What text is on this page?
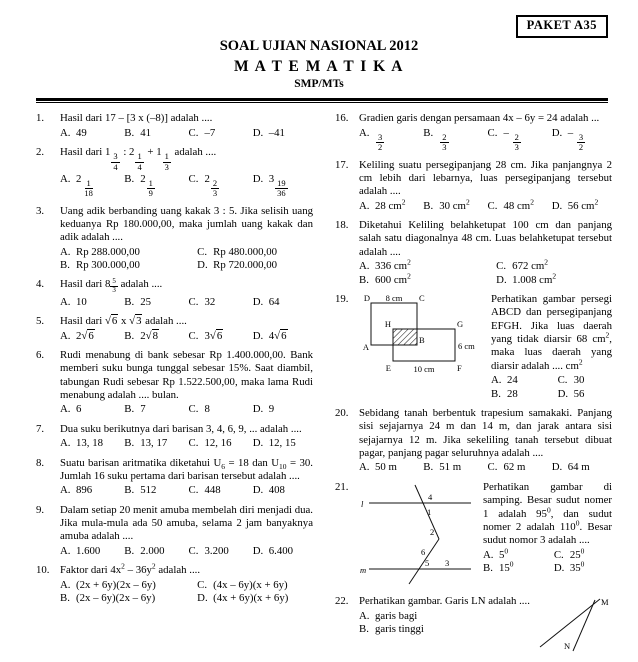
PAKET A35
SOAL UJIAN NASIONAL 2012
M A T E M A T I K A
SMP/MTs
1.	Hasil dari 17 – [3 x (–8)] adalah ....
A. 49	B. 41	C. –7	D. –41
2.	Hasil dari $1 \frac{3}{4}$ : $2 \frac{1}{4} + 1 \frac{1}{3}$ adalah ....
A. $2 \frac{1}{18}$	B. $2 \frac{1}{9}$	C. $2 \frac{2}{3}$	D. $3 \frac{19}{36}$
3.	Uang adik berbanding uang kakak 3 : 5. Jika selisih uang keduanya Rp 180.000,00, maka jumlah uang kakak dan adik adalah ....
A. Rp 288.000,00	C. Rp 480.000,00
B. Rp 300.000,00	D. Rp 720.000,00
4.	Hasil dari 8 $^{\frac{5}{3}}$ adalah ....
A. 10	B. 25	C. 32	D. 64
5.	Hasil dari √6 x √3 adalah ....
A. 2√6	B. 2√8	C. 3√6	D. 4√6
6.	Rudi menabung di bank sebesar Rp 1.400.000,00. Bank memberi suku bunga tunggal sebesar 15%. Saat diambil, tabungan Rudi sebesar Rp 1.522.500,00, maka lama Rudi menabung adalah .... bulan.
A. 6	B. 7	C. 8	D. 9
7.	Dua suku berikutnya dari barisan 3, 4, 6, 9, ... adalah ....
A. 13, 18	B. 13, 17	C. 12, 16	D. 12, 15
8.	Suatu barisan aritmatika diketahui $U_6 = 18$ dan $U_{10} = 30$. Jumlah 16 suku pertama dari barisan tersebut adalah ....
A. 896	B. 512	C. 448	D. 408
9.	Dalam setiap 20 menit amuba membelah diri menjadi dua. Jika mula-mula ada 50 amuba, selama 2 jam banyaknya amuba adalah ....
A. 1.600	B. 2.000	C. 3.200	D. 6.400
10. Faktor dari $4x^2 - 36y^2$ adalah ....
A. (2x + 6y)(2x – 6y)	C. (4x – 6y)(x + 6y)
B. (2x – 6y)(2x – 6y)	D. (4x + 6y)(x + 6y)
16. Gradien garis dengan persamaan 4x – 6y = 24 adalah ...
A. $\frac{3}{2}$	B. $\frac{2}{3}$	C. – $\frac{2}{3}$	D. – $\frac{3}{2}$
17. Keliling suatu persegipanjang 28 cm. Jika panjangnya 2 cm lebih dari lebarnya, luas persegipanjang tersebut adalah ....
A. 28 $cm^2$	B. 30 $cm^2$	C. 48 $cm^2$	D. 56 $cm^2$
18. Diketahui Keliling belahketupat 100 cm dan panjang salah satu diagonalnya 48 cm. Luas belahketupat tersebut adalah ....
A. 336 $cm^2$	C. 672 $cm^2$
B. 600 $cm^2$	D. 1.008 $cm^2$
19.	D 8 cm C
A
B
H	G
6 cm
E	10 cm	F
Perhatikan gambar persegi ABCD dan persegipanjang EFGH. Jika luas daerah yang tidak diarsir 68 $cm^2$, maka luas daerah yang diarsir adalah .... $cm^2$
A. 24	C. 30
B. 28	D. 56
20. Sebidang tanah berbentuk trapesium samakaki. Panjang sisi sejajarnya 24 m dan 14 m, dan jarak antara sisi sejajarnya 12 m. Jika sekeliling tanah tersebut dibuat pagar, panjang pagar seluruhnya adalah ....
A. 50 m	B. 51 m	C. 62 m	D. 64 m
21.
l
m
4
1
2
6
5 3
Perhatikan gambar di samping. Besar sudut nomer 1 adalah $95^0$, dan sudut nomer 2 adalah $110^0$. Besar sudut nomor 3 adalah ....
A. $5^0$	C. $25^0$
B. $15^0$	D. $35^0$
22. Perhatikan gambar. Garis LN adalah ....
A. garis bagi
B. garis tinggi
M
N
